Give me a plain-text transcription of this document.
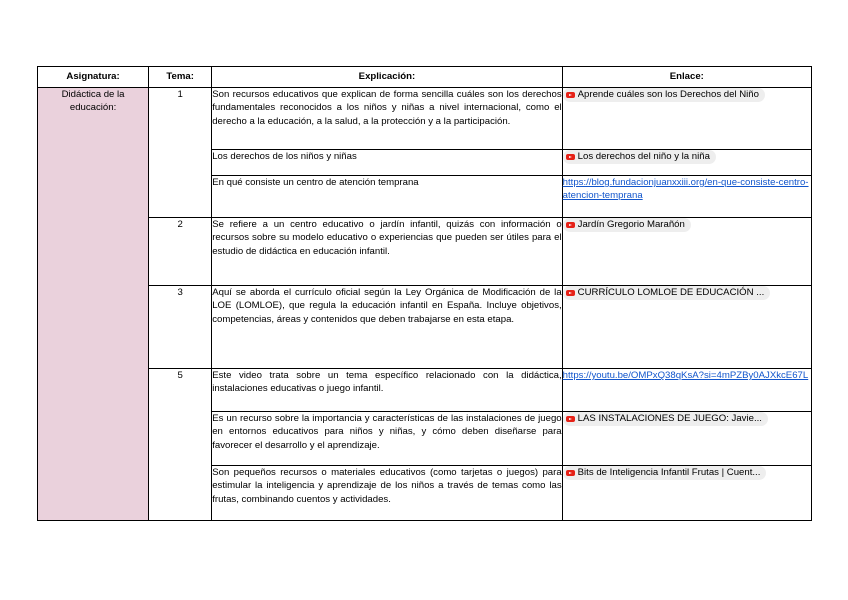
Asignatura:	Tema:	Explicación:	Enlace:
Didáctica de la educación:	1	Son recursos educativos que explican de forma sencilla cuáles son los derechos fundamentales reconocidos a los niños y niñas a nivel internacional, como el derecho a la educación, a la salud, a la protección y a la participación.	Aprende cuáles son los Derechos del Niño

		Los derechos de los niños y niñas	Los derechos del niño y la niña

		En qué consiste un centro de atención temprana	https://blog.fundacionjuanxxiii.org/en-que-consiste-centro-atencion-temprana
	2	Se refiere a un centro educativo o jardín infantil, quizás con información o recursos sobre su modelo educativo o experiencias que pueden ser útiles para el estudio de didáctica en educación infantil.	Jardín Gregorio Marañón

	3	Aquí se aborda el currículo oficial según la Ley Orgánica de Modificación de la LOE (LOMLOE), que regula la educación infantil en España. Incluye objetivos, competencias, áreas y contenidos que deben trabajarse en esta etapa.	CURRÍCULO LOMLOE DE EDUCACIÓN ...

	5	Este video trata sobre un tema específico relacionado con la didáctica, instalaciones educativas o juego infantil.	https://youtu.be/OMPxQ38qKsA?si=4mPZBy0AJXkcE67L
		Es un recurso sobre la importancia y características de las instalaciones de juego en entornos educativos para niños y niñas, y cómo deben diseñarse para favorecer el desarrollo y el aprendizaje.	LAS INSTALACIONES DE JUEGO: Javie...

		Son pequeños recursos o materiales educativos (como tarjetas o juegos) para estimular la inteligencia y aprendizaje de los niños a través de temas como las frutas, combinando cuentos y actividades.	Bits de Inteligencia Infantil Frutas | Cuent...
